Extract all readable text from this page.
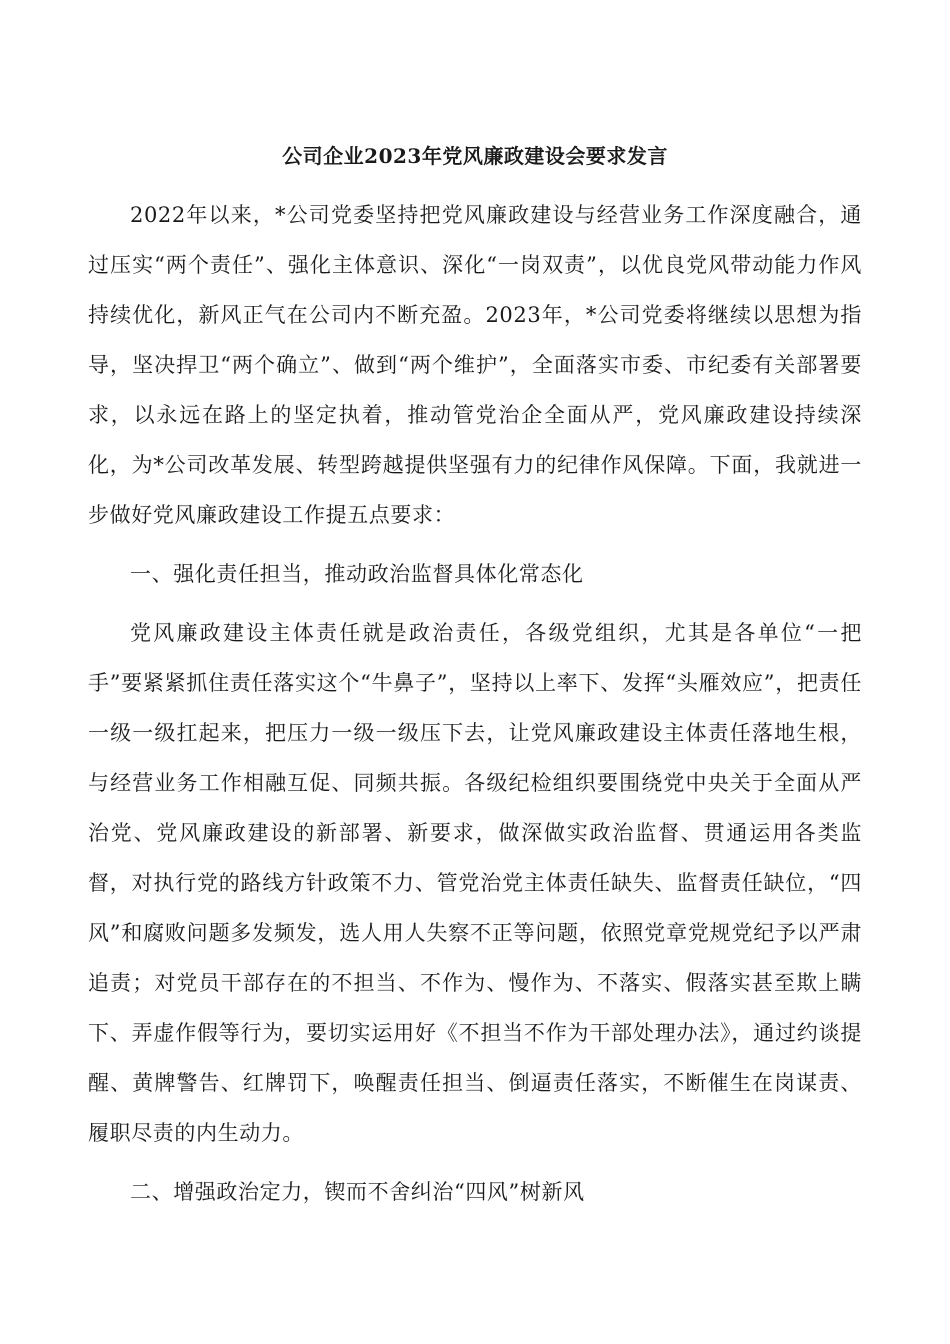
公司企业2023年党风廉政建设会要求发言

2022年以来，*公司党委坚持把党风廉政建设与经营业务工作深度融合，通过压实“两个责任”、强化主体意识、深化“一岗双责”，以优良党风带动能力作风持续优化，新风正气在公司内不断充盈。2023年，*公司党委将继续以思想为指导，坚决捍卫“两个确立”、做到“两个维护”，全面落实市委、市纪委有关部署要求，以永远在路上的坚定执着，推动管党治企全面从严，党风廉政建设持续深化，为*公司改革发展、转型跨越提供坚强有力的纪律作风保障。下面，我就进一步做好党风廉政建设工作提五点要求：

一、强化责任担当，推动政治监督具体化常态化

党风廉政建设主体责任就是政治责任，各级党组织，尤其是各单位“一把手”要紧紧抓住责任落实这个“牛鼻子”，坚持以上率下、发挥“头雁效应”，把责任一级一级扛起来，把压力一级一级压下去，让党风廉政建设主体责任落地生根，与经营业务工作相融互促、同频共振。各级纪检组织要围绕党中央关于全面从严治党、党风廉政建设的新部署、新要求，做深做实政治监督、贯通运用各类监督，对执行党的路线方针政策不力、管党治党主体责任缺失、监督责任缺位，“四风”和腐败问题多发频发，选人用人失察不正等问题，依照党章党规党纪予以严肃追责；对党员干部存在的不担当、不作为、慢作为、不落实、假落实甚至欺上瞒下、弄虚作假等行为，要切实运用好《不担当不作为干部处理办法》，通过约谈提醒、黄牌警告、红牌罚下，唤醒责任担当、倒逼责任落实，不断催生在岗谋责、履职尽责的内生动力。

二、增强政治定力，锲而不舍纠治“四风”树新风
